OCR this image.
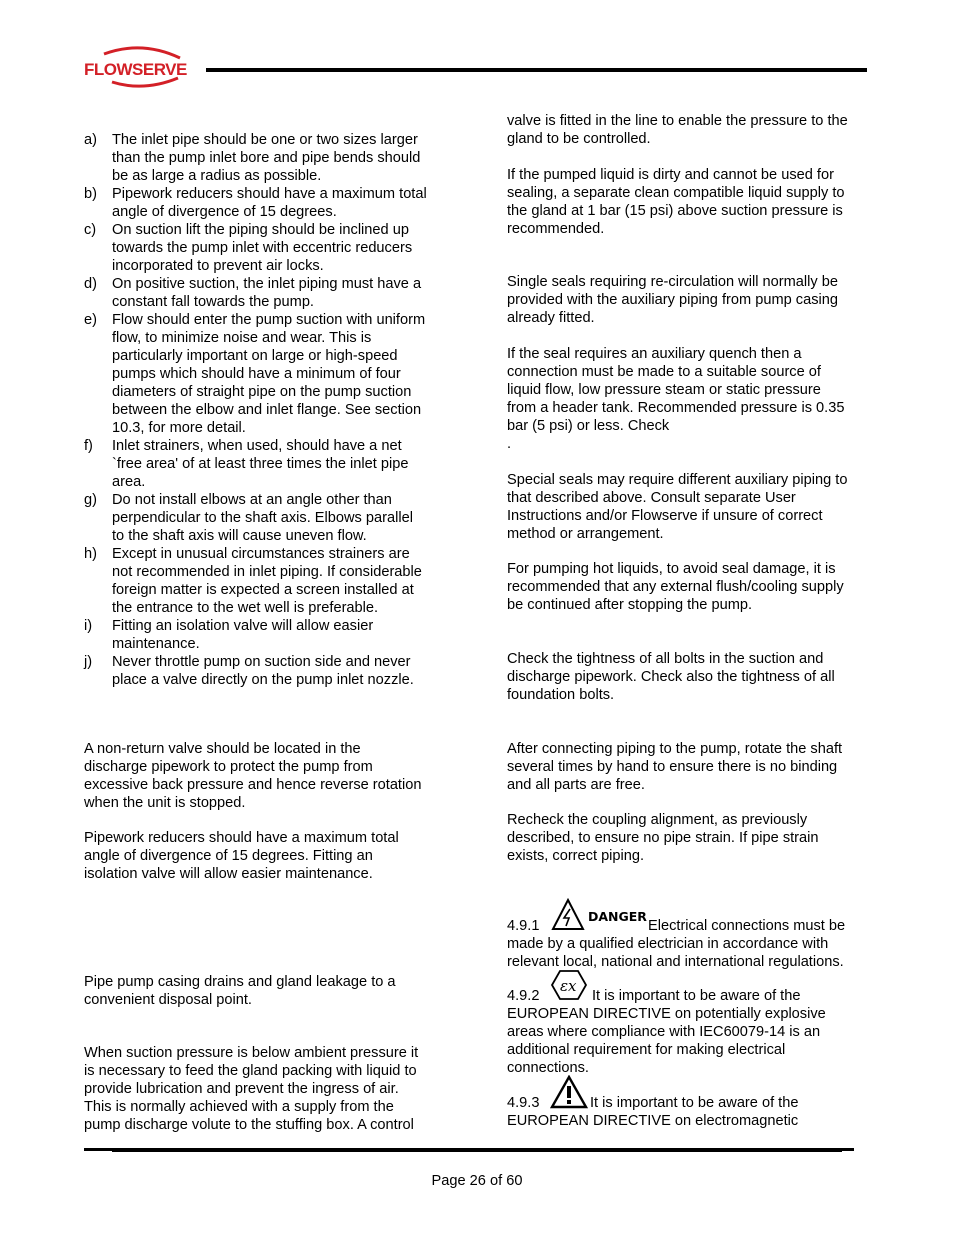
FLOWSERVE
a) The inlet pipe should be one or two sizes larger
than the pump inlet bore and pipe bends should
be as large a radius as possible.
b) Pipework reducers should have a maximum total
angle of divergence of 15 degrees.
c) On suction lift the piping should be inclined up
towards the pump inlet with eccentric reducers
incorporated to prevent air locks.
d) On positive suction, the inlet piping must have a
constant fall towards the pump.
e) Flow should enter the pump suction with uniform
flow, to minimize noise and wear. This is
particularly important on large or high-speed
pumps which should have a minimum of four
diameters of straight pipe on the pump suction
between the elbow and inlet flange. See section
10.3, for more detail.
f) Inlet strainers, when used, should have a net
`free area' of at least three times the inlet pipe
area.
g) Do not install elbows at an angle other than
perpendicular to the shaft axis. Elbows parallel
to the shaft axis will cause uneven flow.
h) Except in unusual circumstances strainers are
not recommended in inlet piping. If considerable
foreign matter is expected a screen installed at
the entrance to the wet well is preferable.
i) Fitting an isolation valve will allow easier
maintenance.
j) Never throttle pump on suction side and never
place a valve directly on the pump inlet nozzle.
A non-return valve should be located in the
discharge pipework to protect the pump from
excessive back pressure and hence reverse rotation
when the unit is stopped.
Pipework reducers should have a maximum total
angle of divergence of 15 degrees. Fitting an
isolation valve will allow easier maintenance.
Pipe pump casing drains and gland leakage to a
convenient disposal point.
When suction pressure is below ambient pressure it
is necessary to feed the gland packing with liquid to
provide lubrication and prevent the ingress of air.
This is normally achieved with a supply from the
pump discharge volute to the stuffing box. A control
valve is fitted in the line to enable the pressure to the
gland to be controlled.
If the pumped liquid is dirty and cannot be used for
sealing, a separate clean compatible liquid supply to
the gland at 1 bar (15 psi) above suction pressure is
recommended.
Single seals requiring re-circulation will normally be
provided with the auxiliary piping from pump casing
already fitted.
If the seal requires an auxiliary quench then a
connection must be made to a suitable source of
liquid flow, low pressure steam or static pressure
from a header tank. Recommended pressure is 0.35
bar (5 psi) or less. Check
.
Special seals may require different auxiliary piping to
that described above. Consult separate User
Instructions and/or Flowserve if unsure of correct
method or arrangement.
For pumping hot liquids, to avoid seal damage, it is
recommended that any external flush/cooling supply
be continued after stopping the pump.
Check the tightness of all bolts in the suction and
discharge pipework. Check also the tightness of all
foundation bolts.
After connecting piping to the pump, rotate the shaft
several times by hand to ensure there is no binding
and all parts are free.
Recheck the coupling alignment, as previously
described, to ensure no pipe strain. If pipe strain
exists, correct piping.
4.9.1
DANGER
Electrical connections must be
made by a qualified electrician in accordance with
relevant local, national and international regulations.
4.9.2
εx
It is important to be aware of the
EUROPEAN DIRECTIVE on potentially explosive
areas where compliance with IEC60079-14 is an
additional requirement for making electrical
connections.
4.9.3	It is important to be aware of the
EUROPEAN DIRECTIVE on electromagnetic
Page 26 of 60
